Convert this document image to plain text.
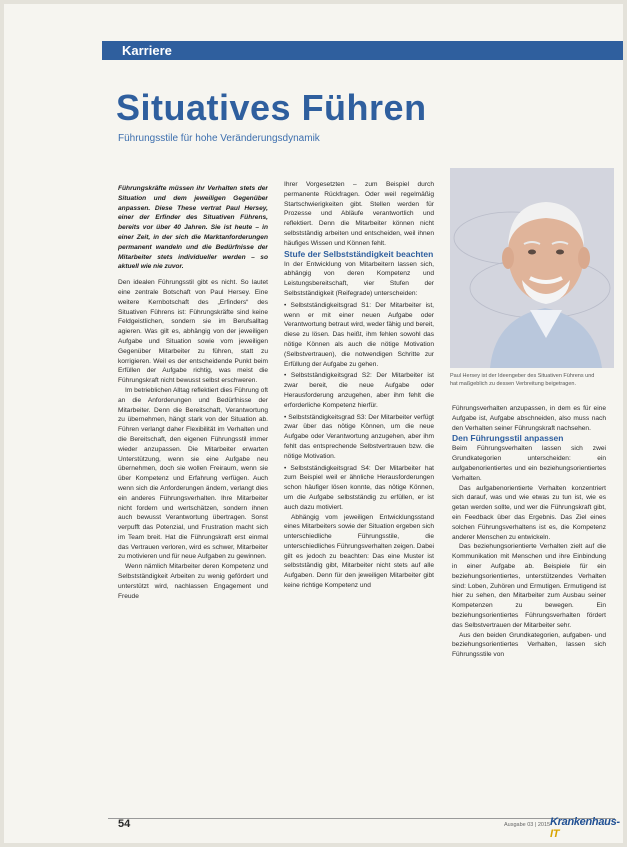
Karriere
Situatives Führen
Führungsstile für hohe Veränderungsdynamik

Führungskräfte müssen ihr Verhalten stets der Situation und dem jeweiligen Gegenüber anpassen. Diese These vertrat Paul Hersey, einer der Erfinder des Situativen Führens, bereits vor über 40 Jahren. Sie ist heute – in einer Zeit, in der sich die Marktanforderungen permanent wandeln und die Bedürfnisse der Mitarbeiter stets individueller werden – so aktuell wie nie zuvor.

Den idealen Führungsstil gibt es nicht. So lautet eine zentrale Botschaft von Paul Hersey. Eine weitere Kernbotschaft des „Erfinders“ des Situativen Führens ist: Führungskräfte sind keine Feldgeistlichen, sondern sie im Berufsalltag agieren. Was gilt es, abhängig von der jeweiligen Aufgabe und Situation sowie vom jeweiligen Gegenüber Mitarbeiter zu führen, statt zu korrigieren. Weil es der entscheidende Punkt beim Erfüllen der Aufgabe richtig, was meist die Führungskraft nicht bewusst selbst erschweren.

Im betrieblichen Alltag reflektiert dies Führung oft an die Anforderungen und Bedürfnisse der Mitarbeiter. Denn die Bereitschaft, Verantwortung zu übernehmen, hängt stark von der Situation ab. Führen verlangt daher Flexibilität im Verhalten und die Bereitschaft, den eigenen Führungsstil immer wieder anzupassen. Die Mitarbeiter erwarten Unterstützung, wenn sie eine Aufgabe neu übernehmen, doch sie wollen Freiraum, wenn sie über Kompetenz und Erfahrung verfügen. Auch wenn sich die Anforderungen ändern, verlangt dies ein anderes Führungsverhalten. Ihre Mitarbeiter nicht fordern und wertschätzen, sondern ihnen auch bewusst Verantwortung übertragen. Sonst verpufft das Potenzial, und Frustration macht sich im Team breit. Hat die Führungskraft erst einmal das Vertrauen verloren, wird es schwer, Mitarbeiter zu motivieren und für neue Aufgaben zu gewinnen.

Wenn nämlich Mitarbeiter deren Kompetenz und Selbstständigkeit Arbeiten zu wenig gefördert und unterstützt wird, nachlassen Engagement und Freude

Ihrer Vorgesetzten – zum Beispiel durch permanente Rückfragen. Oder weil regelmäßig Startschwierigkeiten gibt. Stellen werden für Prozesse und Abläufe verantwortlich und reflektiert. Denn die Mitarbeiter können nicht selbstständig arbeiten und entscheiden, weil ihnen häufiges Wissen und Können fehlt.

Stufe der Selbstständigkeit beachten

In der Entwicklung von Mitarbeitern lassen sich, abhängig von deren Kompetenz und Leistungsbereitschaft, vier Stufen der Selbstständigkeit (Reifegrade) unterscheiden:

• Selbstständigkeitsgrad S1: Der Mitarbeiter ist, wenn er mit einer neuen Aufgabe oder Verantwortung betraut wird, weder fähig und bereit, diese zu lösen. Das heißt, ihm fehlen sowohl das nötige Können als auch die nötige Motivation (Selbstvertrauen), die notwendigen Schritte zur Erfüllung der Aufgabe zu gehen.

• Selbstständigkeitsgrad S2: Der Mitarbeiter ist zwar bereit, die neue Aufgabe oder Herausforderung anzugehen, aber ihm fehlt die erforderliche Kompetenz hierfür.

• Selbstständigkeitsgrad S3: Der Mitarbeiter verfügt zwar über das nötige Können, um die neue Aufgabe oder Verantwortung anzugehen, aber ihm fehlt das entsprechende Selbstvertrauen bzw. die nötige Motivation.

• Selbstständigkeitsgrad S4: Der Mitarbeiter hat zum Beispiel weil er ähnliche Herausforderungen schon häufiger lösen konnte, das nötige Können, um die Aufgabe selbstständig zu erfüllen, er ist auch dazu motiviert.

Abhängig vom jeweiligen Entwicklungsstand eines Mitarbeiters sowie der Situation ergeben sich unterschiedliche Führungsstile, die unterschiedliches Führungsverhalten zeigen. Dabei gilt es jedoch zu beachten: Das eine Muster ist selbstständig gibt, Mitarbeiter nicht stets auf alle Aufgaben. Denn für den jeweiligen Mitarbeiter gibt keine richtige Kompetenz und

Paul Hersey ist der Ideengeber des Situativen Führens und hat maßgeblich zu dessen Verbreitung beigetragen.

Führungsverhalten anzupassen, in dem es für eine Aufgabe ist, Aufgabe abschneiden, also muss nach den Verhalten seiner Führungskraft nachsehen.

Den Führungsstil anpassen

Beim Führungsverhalten lassen sich zwei Grundkategorien unterscheiden: ein aufgabenorientiertes und ein beziehungsorientiertes Verhalten.

Das aufgabenorientierte Verhalten konzentriert sich darauf, was und wie etwas zu tun ist, wie es getan werden sollte, und wer die Führungskraft gibt, ein Feedback über das Ergebnis. Das Ziel eines solchen Führungsverhaltens ist es, die Kompetenz anderer Menschen zu entwickeln.

Das beziehungsorientierte Verhalten zielt auf die Kommunikation mit Menschen und ihre Einbindung in einer Aufgabe ab. Beispiele für ein beziehungsorientiertes, unterstützendes Verhalten sind: Loben, Zuhören und Ermutigen. Ermutigend ist hier zu sehen, den Mitarbeiter zum Ausbau seiner Kompetenzen zu bewegen. Ein beziehungsorientiertes Führungsverhalten fördert das Selbstvertrauen der Mitarbeiter sehr.

Aus den beiden Grundkategorien, aufgaben- und beziehungsorientiertes Verhalten, lassen sich Führungsstile von

54	Ausgabe 03 | 2015 Krankenhaus-IT
